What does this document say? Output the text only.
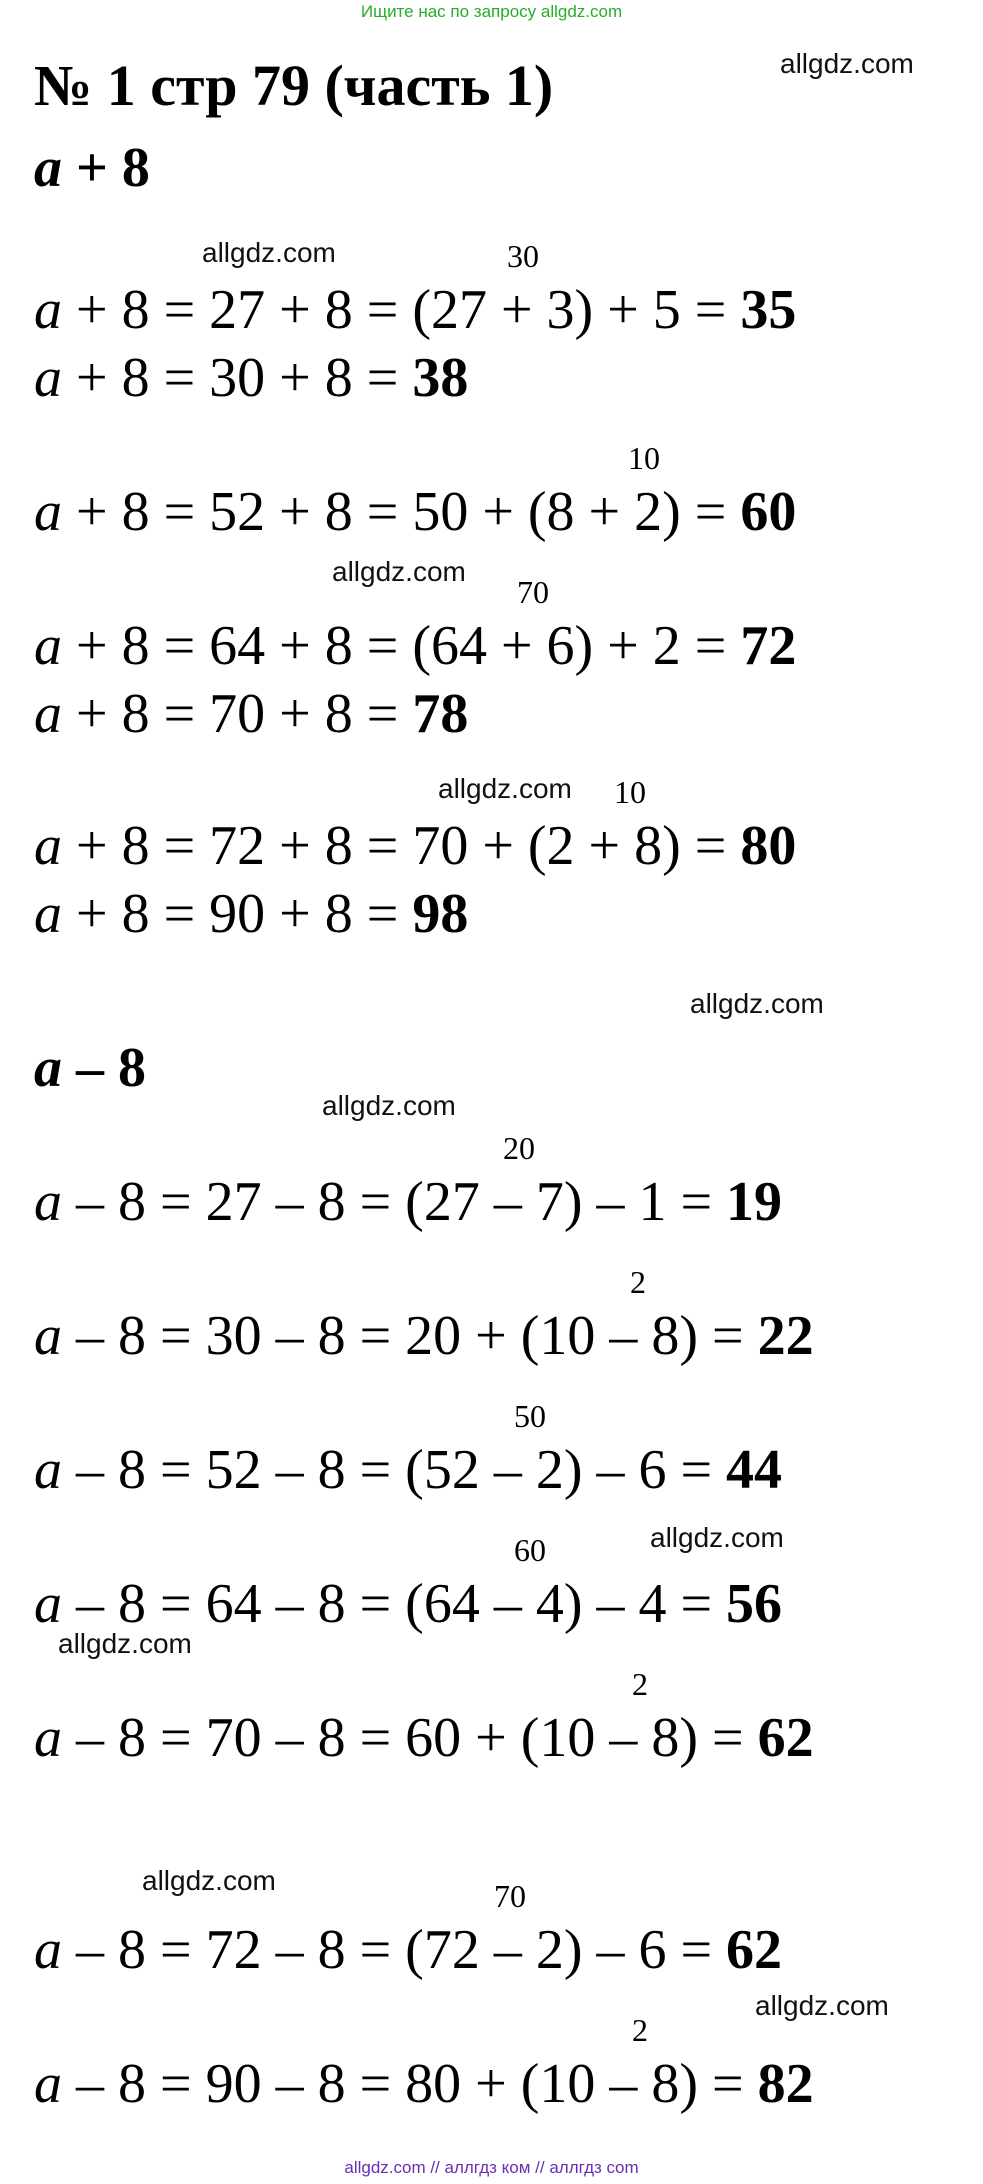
Ищите нас по запросу allgdz.com
№ 1 стр 79 (часть 1)	allgdz.com
allgdz.com
allgdz.com
allgdz.com
allgdz.com
allgdz.com
allgdz.com
allgdz.com
allgdz.com
allgdz.com
a + 8
30
a + 8 = 27 + 8 = (27 + 3) + 5 = 35
a + 8 = 30 + 8 = 38
10
a + 8 = 52 + 8 = 50 + (8 + 2) = 60
70
a + 8 = 64 + 8 = (64 + 6) + 2 = 72
a + 8 = 70 + 8 = 78
10
a + 8 = 72 + 8 = 70 + (2 + 8) = 80
a + 8 = 90 + 8 = 98
a – 8
20
a – 8 = 27 – 8 = (27 – 7) – 1 = 19
2
a – 8 = 30 – 8 = 20 + (10 – 8) = 22
50
a – 8 = 52 – 8 = (52 – 2) – 6 = 44
60
a – 8 = 64 – 8 = (64 – 4) – 4 = 56
2
a – 8 = 70 – 8 = 60 + (10 – 8) = 62
70
a – 8 = 72 – 8 = (72 – 2) – 6 = 62
2
a – 8 = 90 – 8 = 80 + (10 – 8) = 82
allgdz.com // аллгдз ком // аллгдз com
